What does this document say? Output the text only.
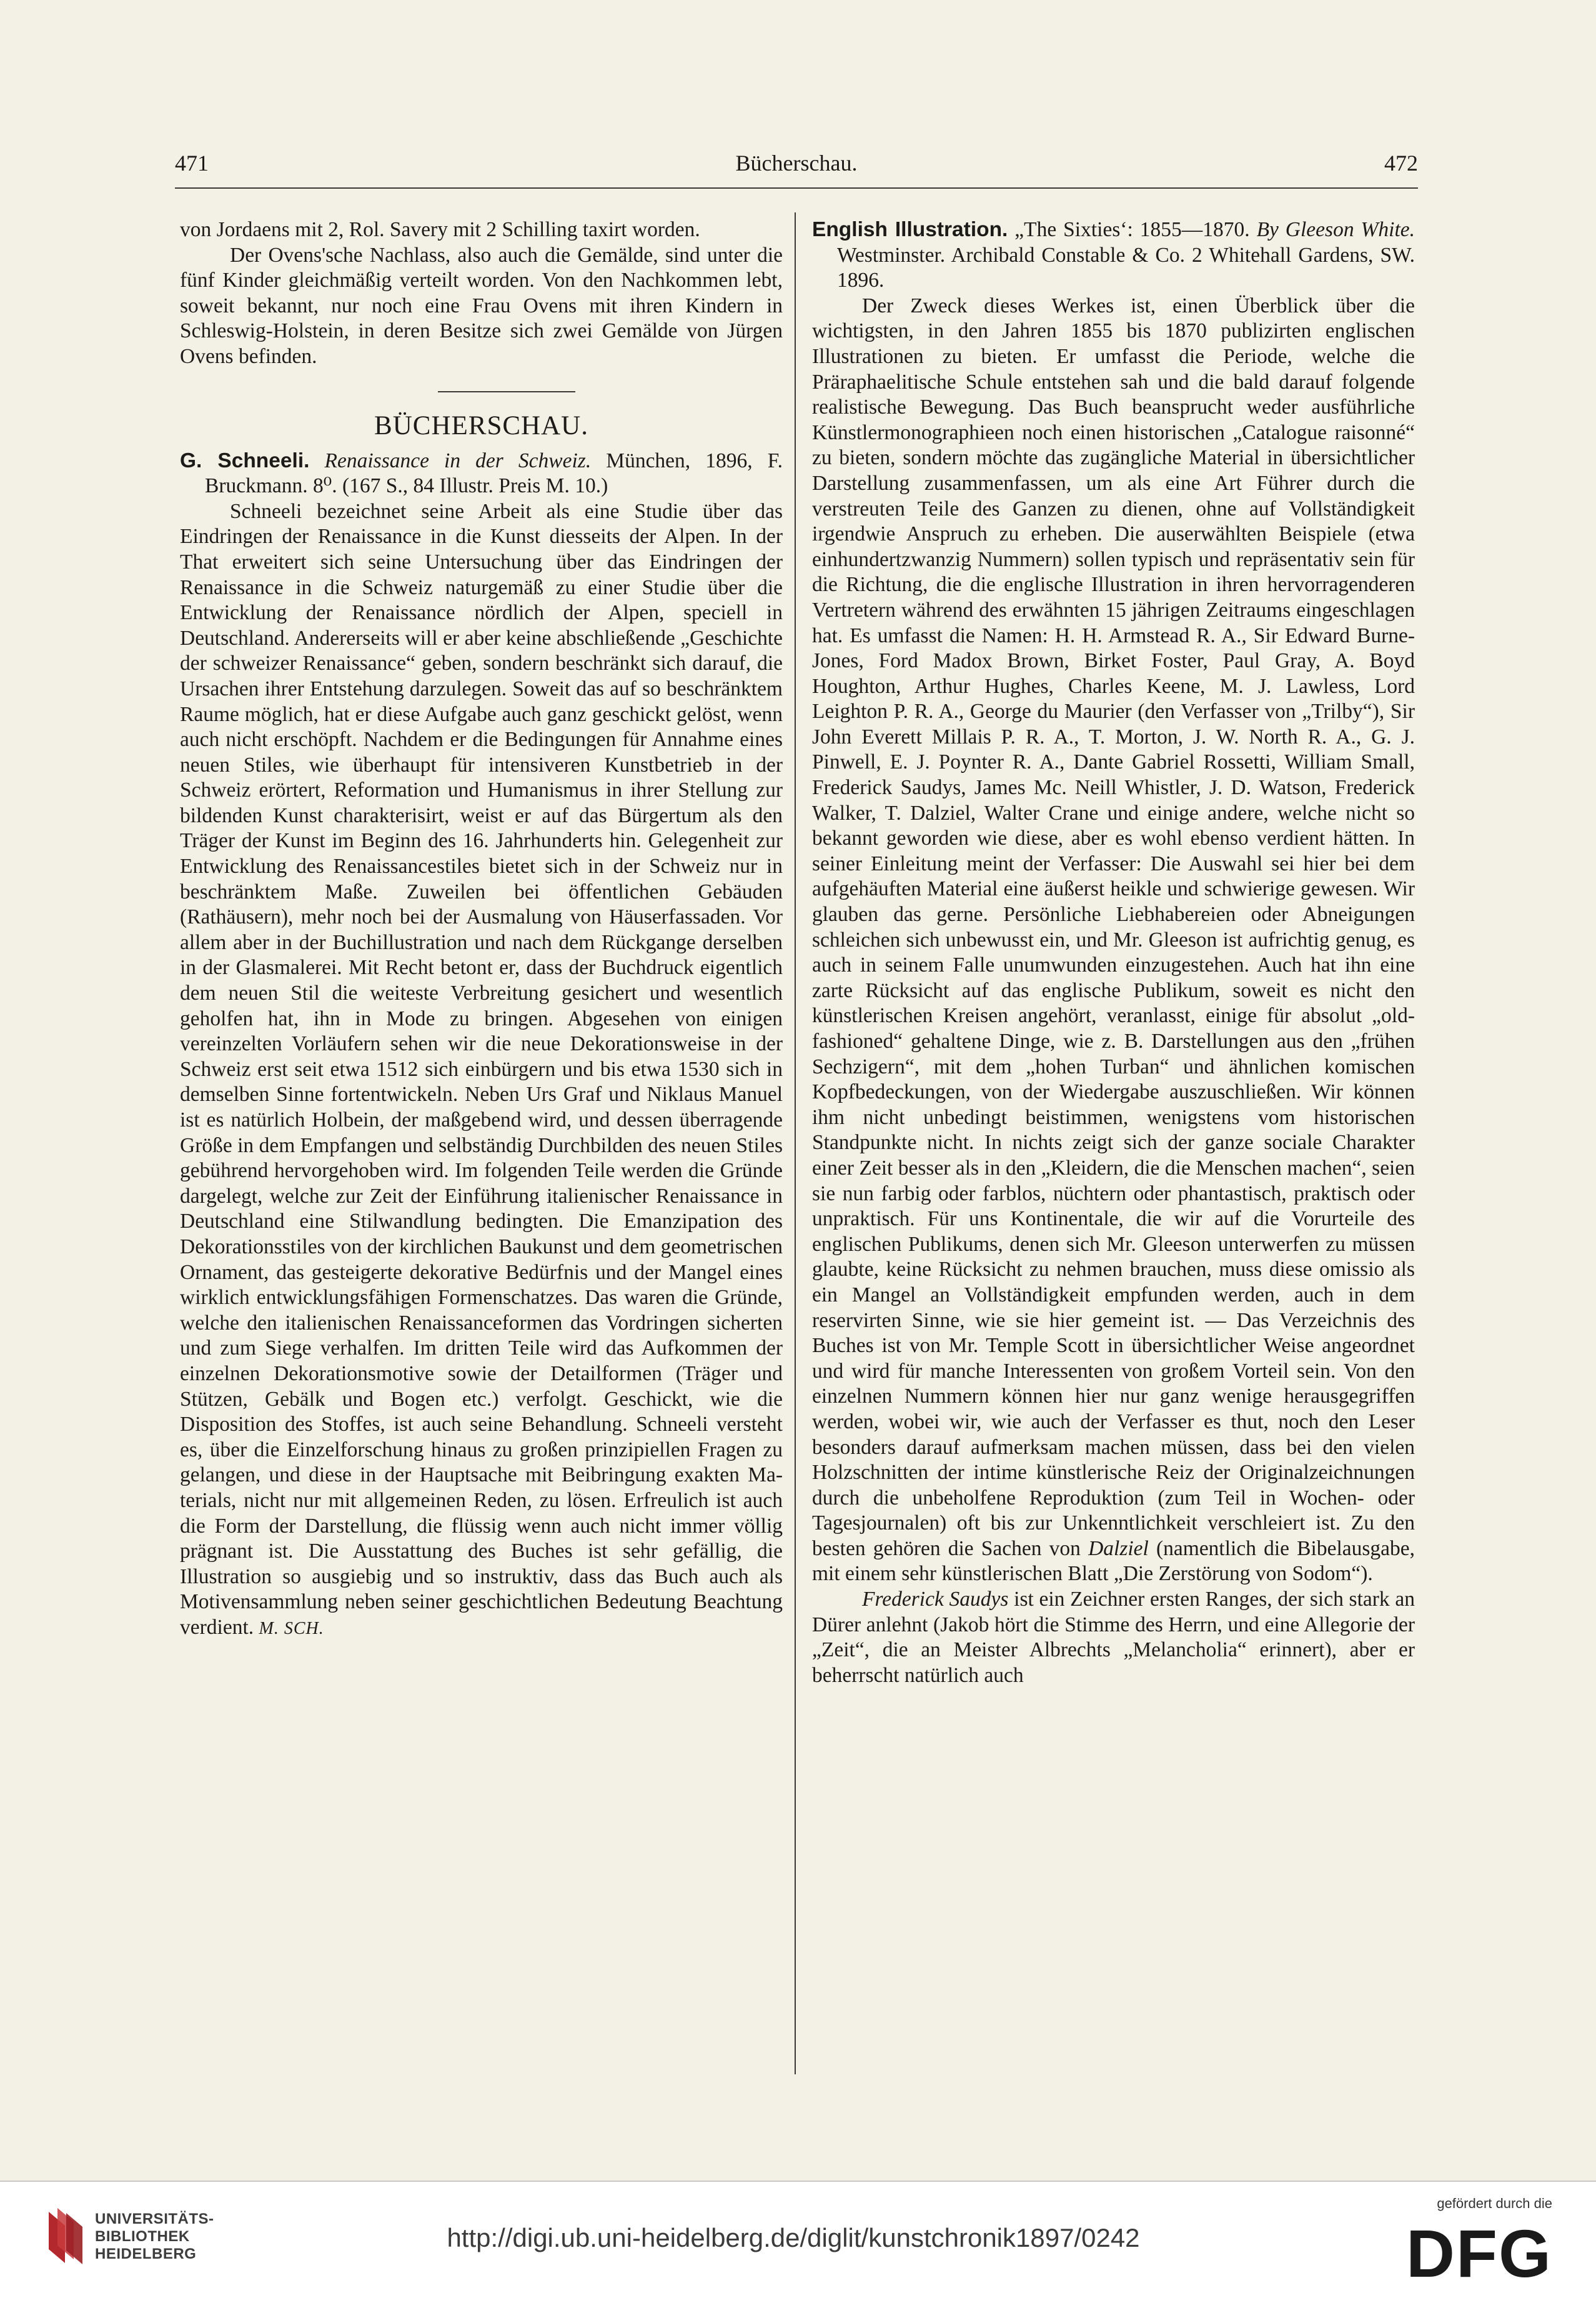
471	Bücherschau.	472

von Jordaens mit 2, Rol. Savery mit 2 Schilling taxirt worden.

Der Ovens'sche Nachlass, also auch die Gemälde, sind unter die fünf Kinder gleichmäßig verteilt worden. Von den Nachkommen lebt, soweit bekannt, nur noch eine Frau Ovens mit ihren Kindern in Schleswig-Holstein, in deren Besitze sich zwei Gemälde von Jürgen Ovens befinden.

BÜCHERSCHAU.

G. Schneeli. Renaissance in der Schweiz. München, 1896, F. Bruckmann. 8⁰. (167 S., 84 Illustr. Preis M. 10.)

Schneeli bezeichnet seine Arbeit als eine Studie über das Eindringen der Renaissance in die Kunst diesseits der Alpen. In der That erweitert sich seine Untersuchung über das Eindringen der Renaissance in die Schweiz naturgemäß zu einer Studie über die Entwicklung der Renaissance nördlich der Alpen, speciell in Deutschland. Andererseits will er aber keine abschließende „Geschichte der schweizer Renaissance“ geben, sondern beschränkt sich darauf, die Ursachen ihrer Entstehung darzulegen. Soweit das auf so beschränktem Raume möglich, hat er diese Aufgabe auch ganz geschickt gelöst, wenn auch nicht erschöpft. Nachdem er die Bedingungen für Annahme eines neuen Stiles, wie überhaupt für intensiveren Kunstbetrieb in der Schweiz erörtert, Reformation und Humanismus in ihrer Stellung zur bildenden Kunst charakterisirt, weist er auf das Bürgertum als den Träger der Kunst im Beginn des 16. Jahrhunderts hin. Gelegenheit zur Entwicklung des Renaissancestiles bietet sich in der Schweiz nur in beschränktem Maße. Zuweilen bei öffentlichen Gebäuden (Rathäusern), mehr noch bei der Ausmalung von Häuserfassaden. Vor allem aber in der Buchillustration und nach dem Rückgange derselben in der Glasmalerei. Mit Recht betont er, dass der Buchdruck eigentlich dem neuen Stil die weiteste Verbreitung gesichert und wesentlich geholfen hat, ihn in Mode zu bringen. Abgesehen von einigen vereinzelten Vorläufern sehen wir die neue Dekorationsweise in der Schweiz erst seit etwa 1512 sich einbürgern und bis etwa 1530 sich in demselben Sinne fortentwickeln. Neben Urs Graf und Niklaus Manuel ist es natürlich Holbein, der maßgebend wird, und dessen überragende Größe in dem Empfangen und selbständig Durchbilden des neuen Stiles gebührend hervorgehoben wird. Im folgenden Teile werden die Gründe dargelegt, welche zur Zeit der Einführung italienischer Renaissance in Deutschland eine Stilwandlung bedingten. Die Emanzipation des Dekorationsstiles von der kirchlichen Baukunst und dem geometrischen Ornament, das gesteigerte dekorative Bedürfnis und der Mangel eines wirklich entwicklungsfähigen Formenschatzes. Das waren die Gründe, welche den italienischen Renaissanceformen das Vordringen sicherten und zum Siege verhalfen. Im dritten Teile wird das Aufkommen der einzelnen Dekorationsmotive sowie der Detailformen (Träger und Stützen, Gebälk und Bogen etc.) verfolgt. Geschickt, wie die Disposition des Stoffes, ist auch seine Behandlung. Schneeli versteht es, über die Einzelforschung hinaus zu großen prinzipiellen Fragen zu gelangen, und diese in der Hauptsache mit Beibringung exakten Materials, nicht nur mit allgemeinen Reden, zu lösen. Erfreulich ist auch die Form der Darstellung, die flüssig wenn auch nicht immer völlig prägnant ist. Die Ausstattung des Buches ist sehr gefällig, die Illustration so ausgiebig und so instruktiv, dass das Buch auch als Motivensammlung neben seiner geschichtlichen Bedeutung Beachtung verdient. M. SCH.

English Illustration. „The Sixties‘: 1855—1870. By Gleeson White. Westminster. Archibald Constable & Co. 2 Whitehall Gardens, SW. 1896.

Der Zweck dieses Werkes ist, einen Überblick über die wichtigsten, in den Jahren 1855 bis 1870 publizirten englischen Illustrationen zu bieten. Er umfasst die Periode, welche die Präraphaelitische Schule entstehen sah und die bald darauf folgende realistische Bewegung. Das Buch beansprucht weder ausführliche Künstlermonographieen noch einen historischen „Catalogue raisonné“ zu bieten, sondern möchte das zugängliche Material in übersichtlicher Darstellung zusammenfassen, um als eine Art Führer durch die verstreuten Teile des Ganzen zu dienen, ohne auf Vollständigkeit irgendwie Anspruch zu erheben. Die auserwählten Beispiele (etwa einhundertzwanzig Nummern) sollen typisch und repräsentativ sein für die Richtung, die die englische Illustration in ihren hervorragenderen Vertretern während des erwähnten 15 jährigen Zeitraums eingeschlagen hat. Es umfasst die Namen: H. H. Armstead R. A., Sir Edward Burne-Jones, Ford Madox Brown, Birket Foster, Paul Gray, A. Boyd Houghton, Arthur Hughes, Charles Keene, M. J. Lawless, Lord Leighton P. R. A., George du Maurier (den Verfasser von „Trilby“), Sir John Everett Millais P. R. A., T. Morton, J. W. North R. A., G. J. Pinwell, E. J. Poynter R. A., Dante Gabriel Rossetti, William Small, Frederick Saudys, James Mc. Neill Whistler, J. D. Watson, Frederick Walker, T. Dalziel, Walter Crane und einige andere, welche nicht so bekannt geworden wie diese, aber es wohl ebenso verdient hätten. In seiner Einleitung meint der Verfasser: Die Auswahl sei hier bei dem aufgehäuften Material eine äußerst heikle und schwierige gewesen. Wir glauben das gerne. Persönliche Liebhabereien oder Abneigungen schleichen sich unbewusst ein, und Mr. Gleeson ist aufrichtig genug, es auch in seinem Falle unumwunden einzugestehen. Auch hat ihn eine zarte Rücksicht auf das englische Publikum, soweit es nicht den künstlerischen Kreisen angehört, veranlasst, einige für absolut „old-fashioned“ gehaltene Dinge, wie z. B. Darstellungen aus den „frühen Sechzigern“, mit dem „hohen Turban“ und ähnlichen komischen Kopfbedeckungen, von der Wiedergabe auszuschließen. Wir können ihm nicht unbedingt beistimmen, wenigstens vom historischen Standpunkte nicht. In nichts zeigt sich der ganze sociale Charakter einer Zeit besser als in den „Kleidern, die die Menschen machen“, seien sie nun farbig oder farblos, nüchtern oder phantastisch, praktisch oder unpraktisch. Für uns Kontinentale, die wir auf die Vorurteile des englischen Publikums, denen sich Mr. Gleeson unterwerfen zu müssen glaubte, keine Rücksicht zu nehmen brauchen, muss diese omissio als ein Mangel an Vollständigkeit empfunden werden, auch in dem reservirten Sinne, wie sie hier gemeint ist. — Das Verzeichnis des Buches ist von Mr. Temple Scott in übersichtlicher Weise angeordnet und wird für manche Interessenten von großem Vorteil sein. Von den einzelnen Nummern können hier nur ganz wenige herausgegriffen werden, wobei wir, wie auch der Verfasser es thut, noch den Leser besonders darauf aufmerksam machen müssen, dass bei den vielen Holzschnitten der intime künstlerische Reiz der Originalzeichnungen durch die unbeholfene Reproduktion (zum Teil in Wochen- oder Tagesjournalen) oft bis zur Unkenntlichkeit verschleiert ist. Zu den besten gehören die Sachen von Dalziel (namentlich die Bibelausgabe, mit einem sehr künstlerischen Blatt „Die Zerstörung von Sodom“).

Frederick Saudys ist ein Zeichner ersten Ranges, der sich stark an Dürer anlehnt (Jakob hört die Stimme des Herrn, und eine Allegorie der „Zeit“, die an Meister Albrechts „Melancholia“ erinnert), aber er beherrscht natürlich auch

UNIVERSITÄTS-
BIBLIOTHEK
HEIDELBERG
http://digi.ub.uni-heidelberg.de/diglit/kunstchronik1897/0242
gefördert durch die
DFG
